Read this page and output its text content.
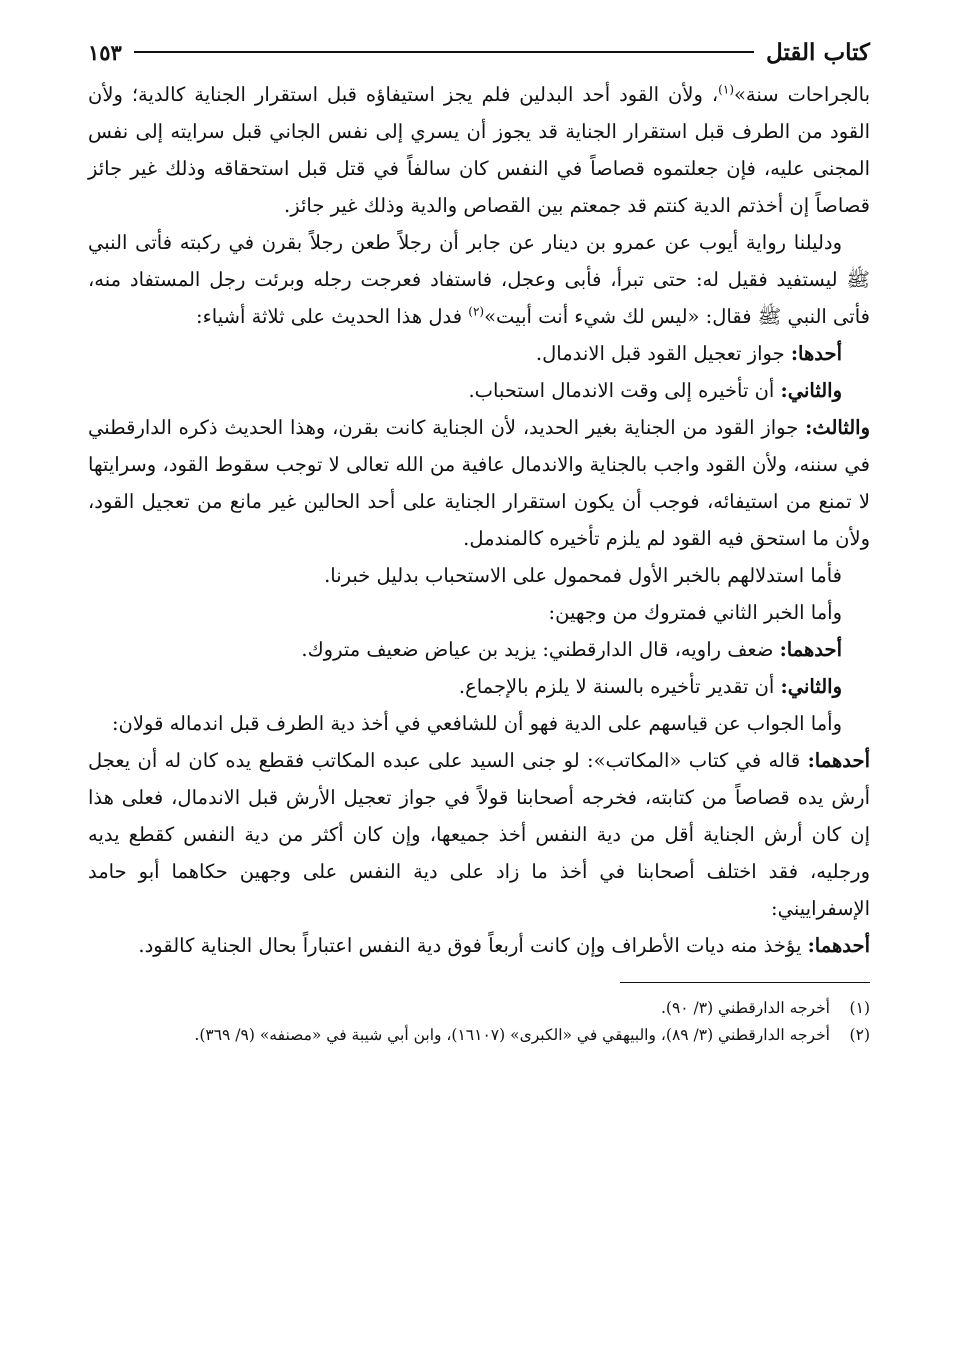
كتاب القتل
١٥٣

بالجراحات سنة»$^{(١)}$، ولأن القود أحد البدلين فلم يجز استيفاؤه قبل استقرار الجناية كالدية؛ ولأن القود من الطرف قبل استقرار الجناية قد يجوز أن يسري إلى نفس الجاني قبل سرايته إلى نفس المجنى عليه، فإن جعلتموه قصاصاً في النفس كان سالفاً في قتل قبل استحقاقه وذلك غير جائز قصاصاً إن أخذتم الدية كنتم قد جمعتم بين القصاص والدية وذلك غير جائز.

ودليلنا رواية أيوب عن عمرو بن دينار عن جابر أن رجلاً طعن رجلاً بقرن في ركبته فأتى النبي ﷺ ليستفيد فقيل له: حتى تبرأ، فأبى وعجل، فاستفاد فعرجت رجله وبرئت رجل المستفاد منه، فأتى النبي ﷺ فقال: «ليس لك شيء أنت أبيت»$^{(٢)}$ فدل هذا الحديث على ثلاثة أشياء:

أحدها: جواز تعجيل القود قبل الاندمال.

والثاني: أن تأخيره إلى وقت الاندمال استحباب.

والثالث: جواز القود من الجناية بغير الحديد، لأن الجناية كانت بقرن، وهذا الحديث ذكره الدارقطني في سننه، ولأن القود واجب بالجناية والاندمال عافية من الله تعالى لا توجب سقوط القود، وسرايتها لا تمنع من استيفائه، فوجب أن يكون استقرار الجناية على أحد الحالين غير مانع من تعجيل القود، ولأن ما استحق فيه القود لم يلزم تأخيره كالمندمل.

فأما استدلالهم بالخبر الأول فمحمول على الاستحباب بدليل خبرنا.

وأما الخبر الثاني فمتروك من وجهين:

أحدهما: ضعف راويه، قال الدارقطني: يزيد بن عياض ضعيف متروك.

والثاني: أن تقدير تأخيره بالسنة لا يلزم بالإجماع.

وأما الجواب عن قياسهم على الدية فهو أن للشافعي في أخذ دية الطرف قبل اندماله قولان:

أحدهما: قاله في كتاب «المكاتب»: لو جنى السيد على عبده المكاتب فقطع يده كان له أن يعجل أرش يده قصاصاً من كتابته، فخرجه أصحابنا قولاً في جواز تعجيل الأرش قبل الاندمال، فعلى هذا إن كان أرش الجناية أقل من دية النفس أخذ جميعها، وإن كان أكثر من دية النفس كقطع يديه ورجليه، فقد اختلف أصحابنا في أخذ ما زاد على دية النفس على وجهين حكاهما أبو حامد الإسفراييني:

أحدهما: يؤخذ منه ديات الأطراف وإن كانت أربعاً فوق دية النفس اعتباراً بحال الجناية كالقود.

(١)
أخرجه الدارقطني (٣/ ٩٠).
(٢)
أخرجه الدارقطني (٣/ ٨٩)، والبيهقي في «الكبرى» (١٦١٠٧)، وابن أبي شيبة في «مصنفه» (٩/ ٣٦٩).
